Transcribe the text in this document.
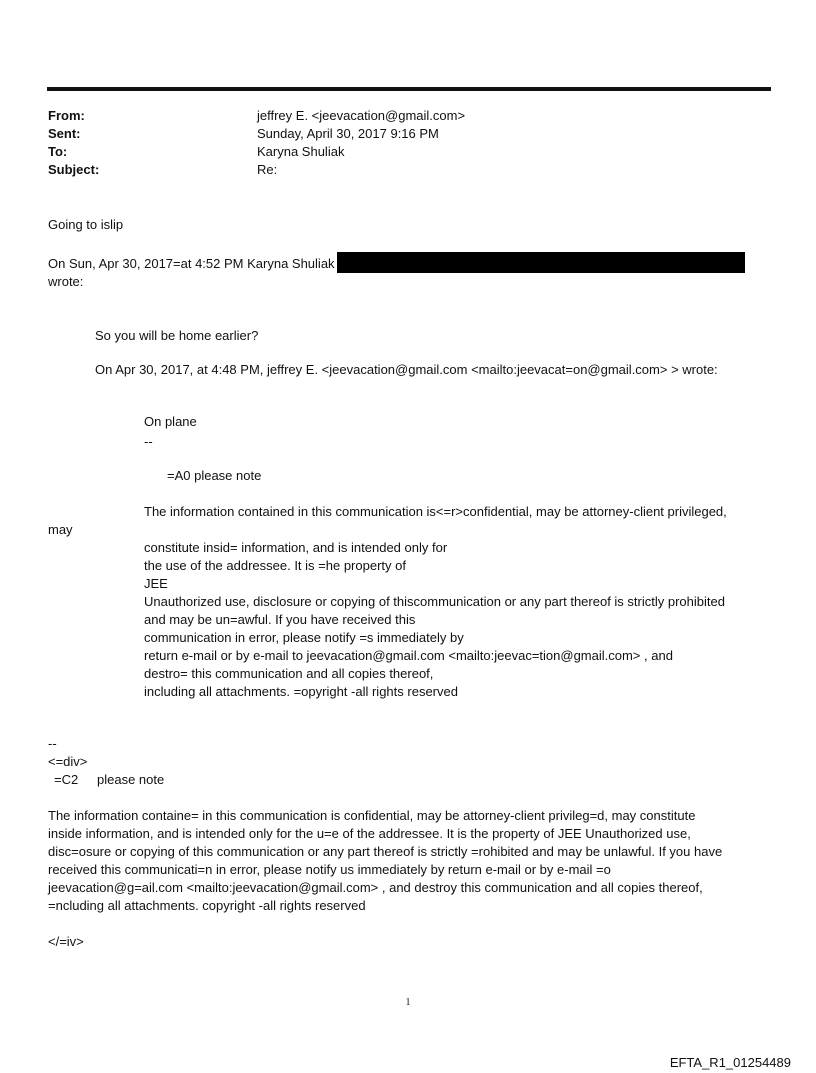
From:	jeffrey E. <jeevacation@gmail.com>
Sent:	Sunday, April 30, 2017 9:16 PM
To:	Karyna Shuliak
Subject:	Re:
Going to islip
On Sun, Apr 30, 2017=at 4:52 PM Karyna Shuliak
wrote:
So you will be home earlier?
On Apr 30, 2017, at 4:48 PM, jeffrey E. <jeevacation@gmail.com <mailto:jeevacat=on@gmail.com> > wrote:
On plane
--
=A0 please note
The information contained in this communication is<=r>confidential, may be attorney-client privileged,
may
constitute insid= information, and is intended only for
the use of the addressee. It is =he property of
JEE
Unauthorized use, disclosure or copying of thiscommunication or any part thereof is strictly prohibited
and may be un=awful. If you have received this
communication in error, please notify =s immediately by
return e-mail or by e-mail to jeevacation@gmail.com <mailto:jeevac=tion@gmail.com> , and
destro= this communication and all copies thereof,
including all attachments. =opyright -all rights reserved
--
<=div>
=C2 please note
The information containe= in this communication is confidential, may be attorney-client privileg=d, may constitute
inside information, and is intended only for the u=e of the addressee. It is the property of JEE Unauthorized use,
disc=osure or copying of this communication or any part thereof is strictly =rohibited and may be unlawful. If you have
received this communicati=n in error, please notify us immediately by return e-mail or by e-mail =o
jeevacation@g=ail.com <mailto:jeevacation@gmail.com> , and destroy this communication and all copies thereof,
=ncluding all attachments. copyright -all rights reserved
</=iv>
1
EFTA_R1_01254489
